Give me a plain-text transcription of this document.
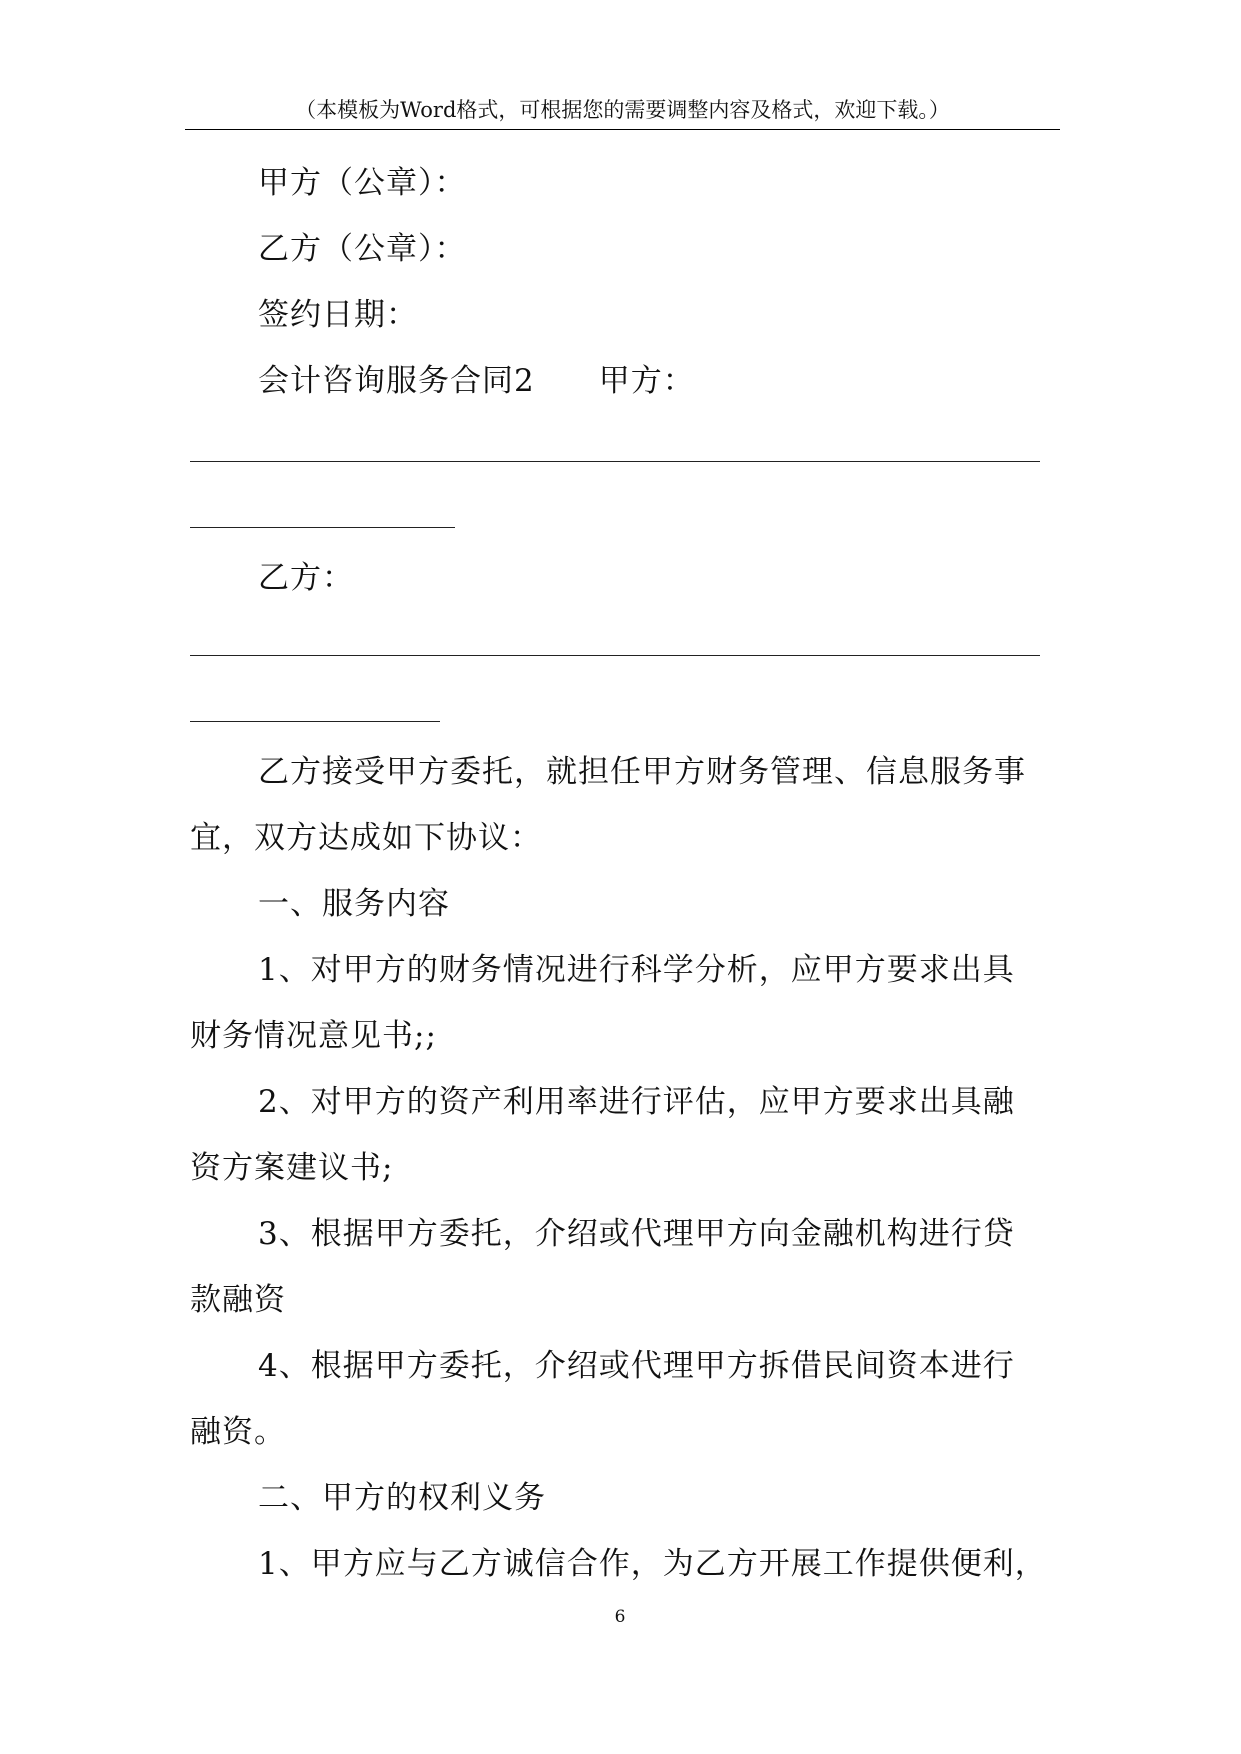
（本模板为Word格式，可根据您的需要调整内容及格式，欢迎下载。）
甲方（公章）：
乙方（公章）：
签约日期：
会计咨询服务合同2 甲方：
乙方：
乙方接受甲方委托，就担任甲方财务管理、信息服务事
宜，双方达成如下协议：
一、服务内容
1、对甲方的财务情况进行科学分析，应甲方要求出具
财务情况意见书;;
2、对甲方的资产利用率进行评估，应甲方要求出具融
资方案建议书;
3、根据甲方委托，介绍或代理甲方向金融机构进行贷
款融资
4、根据甲方委托，介绍或代理甲方拆借民间资本进行
融资。
二、甲方的权利义务
1、甲方应与乙方诚信合作，为乙方开展工作提供便利，
6
